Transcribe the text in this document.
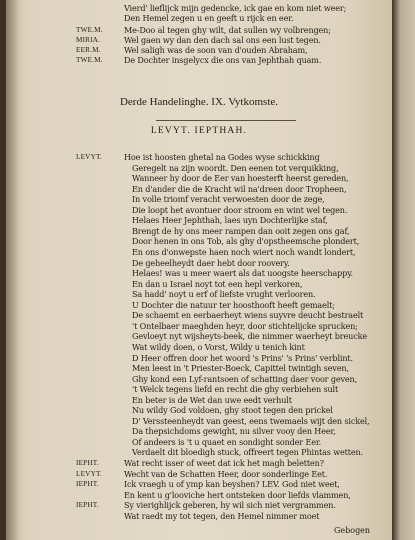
Vierd' lieflijck mijn gedencke, ick gae en kom niet weer;
Den Hemel zegen u en geeft u rijck en eer.
TWE.M.	Me-Doo al tegen ghy wilt, dat sullen wy volbrengen;
MIRIA.	Wel gaen wy dan den dach sal ons een lust tegen.
EER.M.	Wel saligh was de soon van d'ouden Abraham,
TWE.M.	De Dochter insgelycx die ons van Jephthah quam.
Derde Handelinghe. IX. Vytkomste.
LEVYT. IEPTHAH.
LEVYT.	Hoe ist hoosten ghetal na Godes wyse schickking
Geregelt na zijn woordt. Den eenen tot verquikking,
Wanneer hy door de Eer van hoesterft heerst gereden,
En d'ander die de Kracht wil na'dreen door Tropheen,
In volle triomf veracht verwoesten door de zege,
Die loopt het avontuer door stroom en wint wel tegen.
Helaes Heer Jephthah, laes uyn Dochterlijke staf,
Brengt de hy ons meer rampen dan ooit zegen ons gaf,
Door henen in ons Tob, als ghy d'opstheemsche plondert,
En ons d'onwepste haen noch wiert noch wandt londert,
De geheelheydt daer hebt door roovery.
Helaes! was u meer waert als dat uoogste heerschappy.
En dan u Israel noyt tot een hepl verkoren,
Sa hadd' noyt u erf of liefste vrught verlooren.
U Dochter die natuur ter hoosthooft heeft gemaelt;
De schaemt en eerbaerheyt wiens suyvre deucht bestraelt
't Ontelbaer maeghden heyr, door stichtelijcke sprucken;
Gevloeyt nyt wijsheyts-beek, die nimmer waerheyt breucke
Wat wildy doen, o Vorst, Wildy u tenich kint
D Heer offren door het woord 's Prins' 's Prins' verblint.
Men leest in 't Priester-Boeck, Capittel twintigh seven,
Ghy kond een Lyf-rantsoen of schatting daer voor geven,
't Welck tegens liefd en recht die ghy verbiehen sult
En beter is de Wet dan uwe eedt verhult
Nu wildy God voldoen, ghy stoot tegen den prickel
D' Verssteenheydt van geest, eens twemaels wijt den sickel,
Da thepsichdoms gewight, nu silver vooy den Heer,
Of andeers is 't u quaet en sondight sonder Eer.
Verdaelt dit bloedigh stuck, offreert tegen Phintas wetten.
IEPHT.	Wat recht isser of weet dat ick het magh beletten?
LEVYT.	Wecht van de Schatten Heer, door sonderlinge Eet.
IEPHT.	Ick vraegh u of ymp kan beyshen? LEV. God niet weet,
En kent u g'looviche hert ontsteken door liefds vlammen,
IEPHT.	Sy vierighlijck geberen, hy wil sich niet vergrammen.
Wat raedt my tot tegen, den Hemel nimmer moet
Gebogen
